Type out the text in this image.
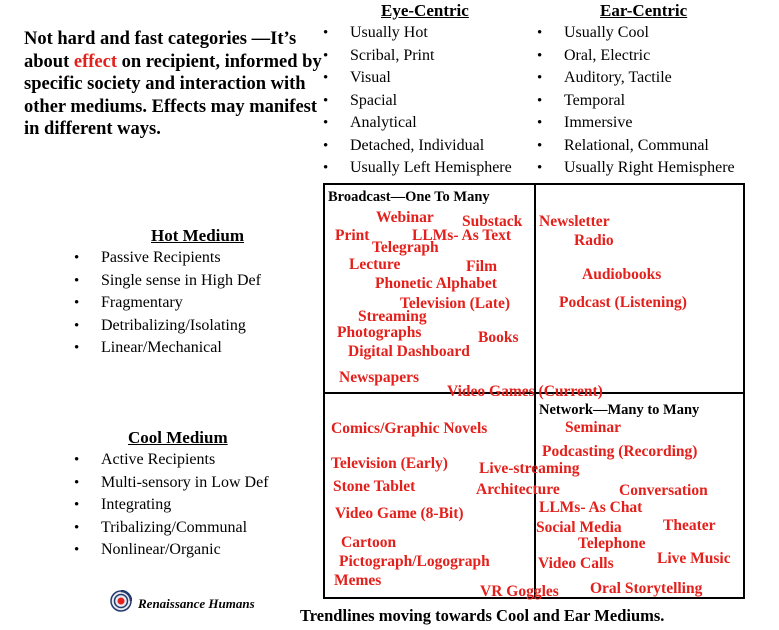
Not hard and fast categories —It’s about effect on recipient, informed by specific society and interaction with other mediums. Effects may manifest in different ways.
Eye-Centric
• Usually Hot
• Scribal, Print
• Visual
• Spacial
• Analytical
• Detached, Individual
• Usually Left Hemisphere
Ear-Centric
• Usually Cool
• Oral, Electric
• Auditory, Tactile
• Temporal
• Immersive
• Relational, Communal
• Usually Right Hemisphere
Hot Medium
• Passive Recipients
• Single sense in High Def
• Fragmentary
• Detribalizing/Isolating
• Linear/Mechanical
Cool Medium
• Active Recipients
• Multi-sensory in Low Def
• Integrating
• Tribalizing/Communal
• Nonlinear/Organic
Broadcast—One To Many
Network—Many to Many
Webinar Substack Newsletter
Print	LLMs- As Text	Radio
Telegraph
Lecture	Film	Audiobooks
Phonetic Alphabet
Television (Late)	Podcast (Listening)
Streaming
Photographs	Books
Digital Dashboard
Newspapers
Video Games (Current)
Seminar
Comics/Graphic Novels
Podcasting (Recording)
Television (Early) Live-streaming
Stone Tablet	Architecture	Conversation
Video Game (8-Bit)	LLMs- As Chat
Social Media	Theater
Cartoon	Telephone
Pictograph/Logograph	Video Calls	Live Music
Memes
VR Goggles Oral Storytelling
Renaissance Humans
Trendlines moving towards Cool and Ear Mediums.
